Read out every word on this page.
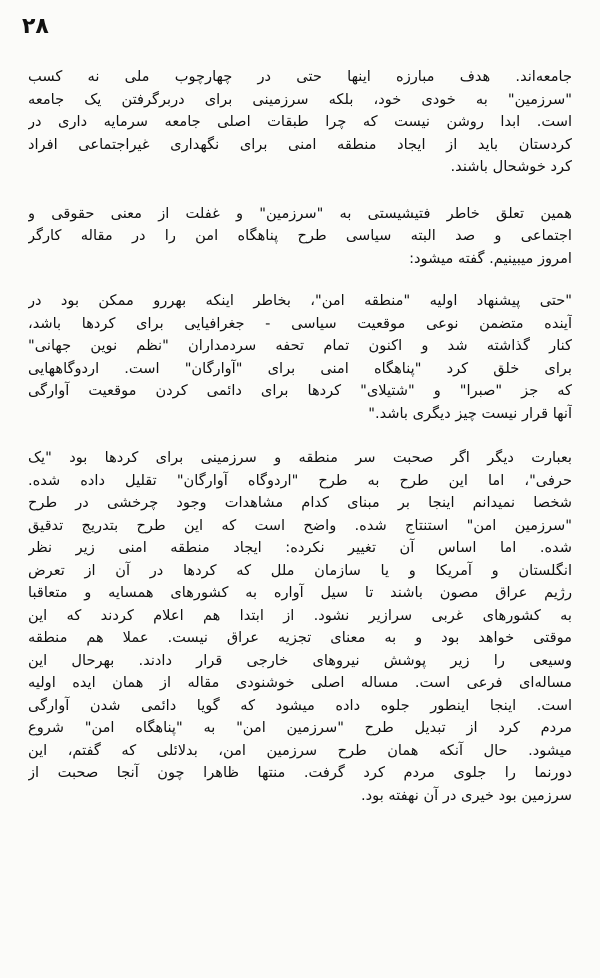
۲۸
جامعه‌اند. هدف مبارزه اینها حتی در چهارچوب ملی نه کسب
"سرزمین" به خودی خود، بلکه سرزمینی برای دربرگرفتن یک جامعه
است. ابدا روشن نیست که چرا طبقات اصلی جامعه سرمایه داری در
کردستان باید از ایجاد منطقه امنی برای نگهداری غیراجتماعی افراد
کرد خوشحال باشند.
همین تعلق خاطر فتیشیستی به "سرزمین" و غفلت از معنی حقوقی و
اجتماعی و صد البته سیاسی طرح پناهگاه امن را در مقاله کارگر
امروز میبینیم. گفته میشود:
"حتی پیشنهاد اولیه "منطقه امن"، بخاطر اینکه بهررو ممکن بود در
آینده متضمن نوعی موقعیت سیاسی - جغرافیایی برای کردها باشد،
کنار گذاشته شد و اکنون تمام تحفه سردمداران "نظم نوین جهانی"
برای خلق کرد "پناهگاه امنی برای "آوارگان" است. اردوگاههایی
که جز "صبرا" و "شتیلای" کردها برای دائمی کردن موقعیت آوارگی
آنها قرار نیست چیز دیگری باشد."
بعبارت دیگر اگر صحبت سر منطقه و سرزمینی برای کردها بود "یک
حرفی"، اما این طرح به طرح "اردوگاه آوارگان" تقلیل داده شده.
شخصا نمیدانم اینجا بر مبنای کدام مشاهدات وجود چرخشی در طرح
"سرزمین امن" استنتاج شده. واضح است که این طرح بتدریج تدقیق
شده. اما اساس آن تغییر نکرده: ایجاد منطقه امنی زیر نظر
انگلستان و آمریکا و یا سازمان ملل که کردها در آن از تعرض
رژیم عراق مصون باشند تا سیل آواره به کشورهای همسایه و متعاقبا
به کشورهای غربی سرازیر نشود. از ابتدا هم اعلام کردند که این
موقتی خواهد بود و به معنای تجزیه عراق نیست. عملا هم منطقه
وسیعی را زیر پوشش نیروهای خارجی قرار دادند. بهرحال این
مساله‌ای فرعی است. مساله اصلی خوشنودی مقاله از همان ایده اولیه
است. اینجا اینطور جلوه داده میشود که گویا دائمی شدن آوارگی
مردم کرد از تبدیل طرح "سرزمین امن" به "پناهگاه امن" شروع
میشود. حال آنکه همان طرح سرزمین امن، بدلائلی که گفتم، این
دورنما را جلوی مردم کرد گرفت. منتها ظاهرا چون آنجا صحبت از
سرزمین بود خیری در آن نهفته بود.
